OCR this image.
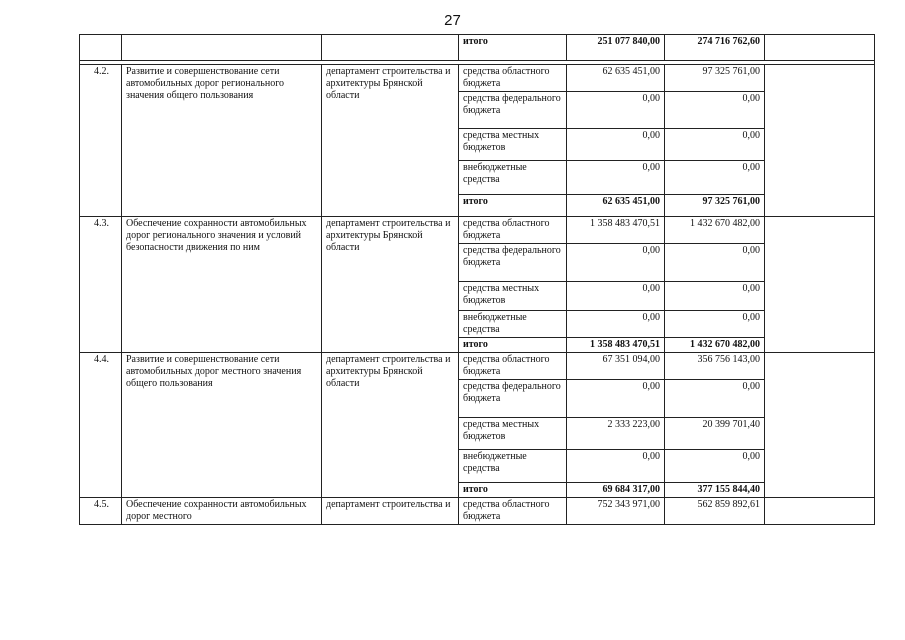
27
			итого	251 077 840,00	274 716 762,60	

4.2.	Развитие и совершенствование сети автомобильных дорог регионального значения общего пользования	департамент строительства и архитектуры Брянской области	средства областного бюджета	62 635 451,00	97 325 761,00	
			средства федерального бюджета	0,00	0,00	
			средства местных бюджетов	0,00	0,00	
			внебюджетные средства	0,00	0,00	
			итого	62 635 451,00	97 325 761,00	
4.3.	Обеспечение сохранности автомобильных дорог регионального значения и условий безопасности движения по ним	департамент строительства и архитектуры Брянской области	средства областного бюджета	1 358 483 470,51	1 432 670 482,00	
			средства федерального бюджета	0,00	0,00	
			средства местных бюджетов	0,00	0,00	
			внебюджетные средства	0,00	0,00	
			итого	1 358 483 470,51	1 432 670 482,00	
4.4.	Развитие и совершенствование сети автомобильных дорог местного значения общего пользования	департамент строительства и архитектуры Брянской области	средства областного бюджета	67 351 094,00	356 756 143,00	
			средства федерального бюджета	0,00	0,00	
			средства местных бюджетов	2 333 223,00	20 399 701,40	
			внебюджетные средства	0,00	0,00	
			итого	69 684 317,00	377 155 844,40	
4.5.	Обеспечение сохранности автомобильных дорог местного	департамент строительства и	средства областного бюджета	752 343 971,00	562 859 892,61	
